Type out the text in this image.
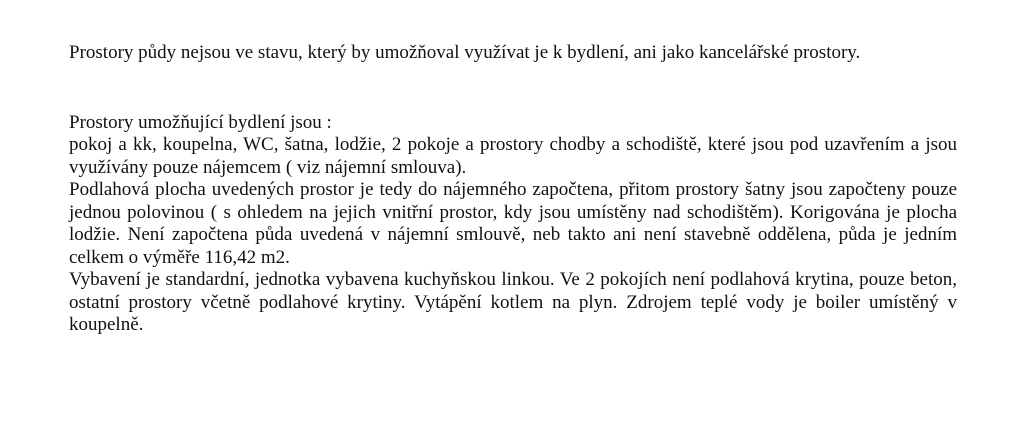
Prostory půdy nejsou ve stavu, který by umožňoval využívat je k bydlení, ani jako kancelářské prostory.

Prostory umožňující bydlení jsou :

pokoj a kk, koupelna, WC, šatna, lodžie, 2 pokoje a prostory chodby a schodiště, které jsou pod uzavřením a jsou využívány pouze nájemcem ( viz nájemní smlouva).

Podlahová plocha uvedených prostor je tedy do nájemného započtena, přitom prostory šatny jsou započteny pouze jednou polovinou ( s ohledem na jejich vnitřní prostor, kdy jsou umístěny nad schodištěm). Korigována je plocha lodžie. Není započtena půda uvedená v nájemní smlouvě, neb takto ani není stavebně oddělena, půda je jedním celkem o výměře 116,42 m2.

Vybavení je standardní, jednotka vybavena kuchyňskou linkou. Ve 2 pokojích není podlahová krytina, pouze beton, ostatní prostory včetně podlahové krytiny. Vytápění kotlem na plyn. Zdrojem teplé vody je boiler umístěný v koupelně.
